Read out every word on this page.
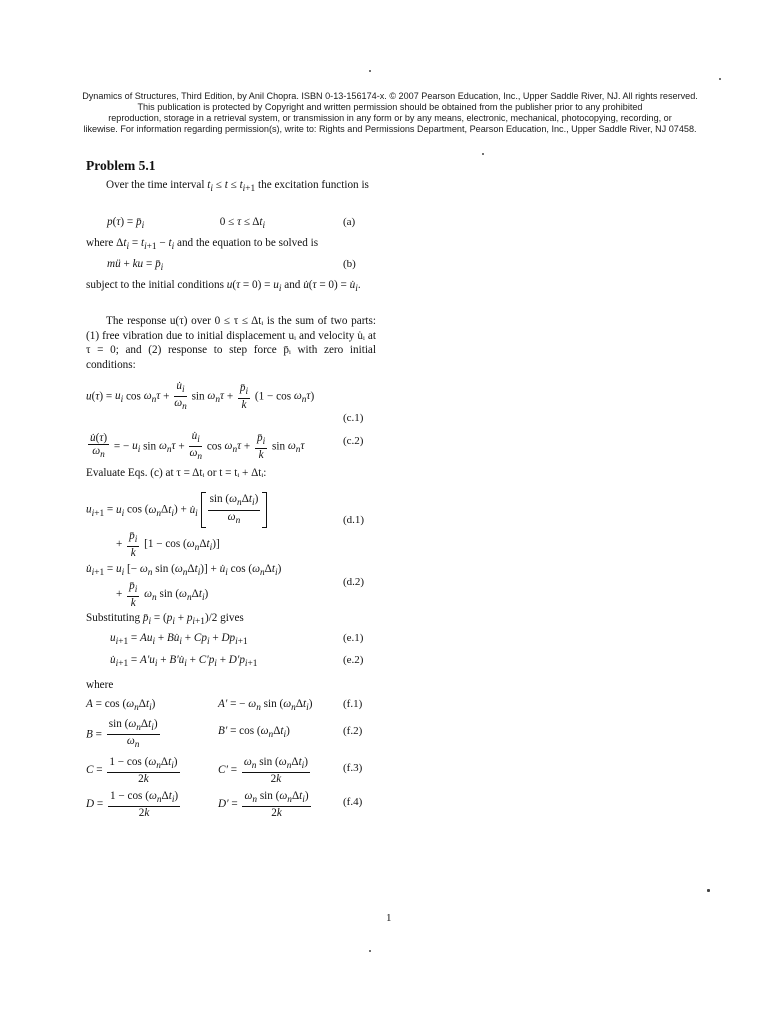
Dynamics of Structures, Third Edition, by Anil Chopra. ISBN 0-13-156174-x. © 2007 Pearson Education, Inc., Upper Saddle River, NJ. All rights reserved.
This publication is protected by Copyright and written permission should be obtained from the publisher prior to any prohibited
reproduction, storage in a retrieval system, or transmission in any form or by any means, electronic, mechanical, photocopying, recording, or
likewise. For information regarding permission(s), write to: Rights and Permissions Department, Pearson Education, Inc., Upper Saddle River, NJ 07458.
Problem 5.1
Over the time interval $t_i \le t \le t_{i+1}$ the excitation function is
$p(\tau) = p̄_i$	$0 \le \tau \le \Delta t_i$	(a)
where $\Delta t_i = t_{i+1} - t_i$ and the equation to be solved is
mü + ku = $p̄_i$	(b)
subject to the initial conditions $u(\tau = 0) = u_i$ and u̇(τ = $0) = u̇_i$.
The response u(τ) over 0 ≤ τ ≤ Δtᵢ is the sum of two parts: (1) free vibration due to initial displacement uᵢ and velocity u̇ᵢ at τ = 0; and (2) response to step force p̄ᵢ with zero initial conditions:
$u(\tau) = u_i$ $\cos \omega_n\tau + \frac{u̇_i}{\omega_n}$ $\sin \omega_n\tau + \frac{p̄_i}{k} (1 - \cos \omega_n\tau)$
(c.1)
$\frac{u̇(\tau)}{\omega_n}$ = − $u_i$ $\sin \omega_n\tau + \frac{u̇_i}{\omega_n}$ $\cos \omega_n\tau + \frac{p̄_i}{k}$ $\sin \omega_n\tau$	(c.2)
Evaluate Eqs. (c) at τ = Δtᵢ or t = tᵢ + Δtᵢ:
$u_{i+1} = u_i$ $\cos (\omega_n\Delta t_i)$ + $u̇_i \frac{\sin (\omega_n\Delta t_i)}{\omega_n}$	(d.1)
+ $\frac{p̄_i}{k} [1 - \cos (\omega_n\Delta t_i)]$
$u̇_{i+1} = u_i$ [− $\omega_n$ $\sin (\omega_n\Delta t_i)$] + $u̇_i$ $\cos (\omega_n\Delta t_i)$
(d.2)
+ $\frac{p̄_i}{k} \omega_n$ $\sin (\omega_n\Delta t_i)$
Substituting $p̄_i = (p_i + p_{i+1})/2$ gives
$u_{i+1} = Au_i$ + $Bu̇_i + Cp_i + Dp_{i+1}$	(e.1)
$u̇_{i+1} = A'u_i$ + $B'u̇_i + C'p_i + D'p_{i+1}$	(e.2)
where
$A = \cos (\omega_n\Delta t_i)$	A′ = − $\omega_n$ $\sin (\omega_n\Delta t_i)$	(f.1)
$B = \frac{\sin (\omega_n\Delta t_i)}{\omega_n}$	$B' = \cos (\omega_n\Delta t_i)$	(f.2)
$C = \frac{1 - \cos (\omega_n\Delta t_i)}{2k}$	$C' = \frac{\omega_n \sin (\omega_n\Delta t_i)}{2k}$	(f.3)
$D = \frac{1 - \cos (\omega_n\Delta t_i)}{2k}$	$D' = \frac{\omega_n \sin (\omega_n\Delta t_i)}{2k}$	(f.4)
1
